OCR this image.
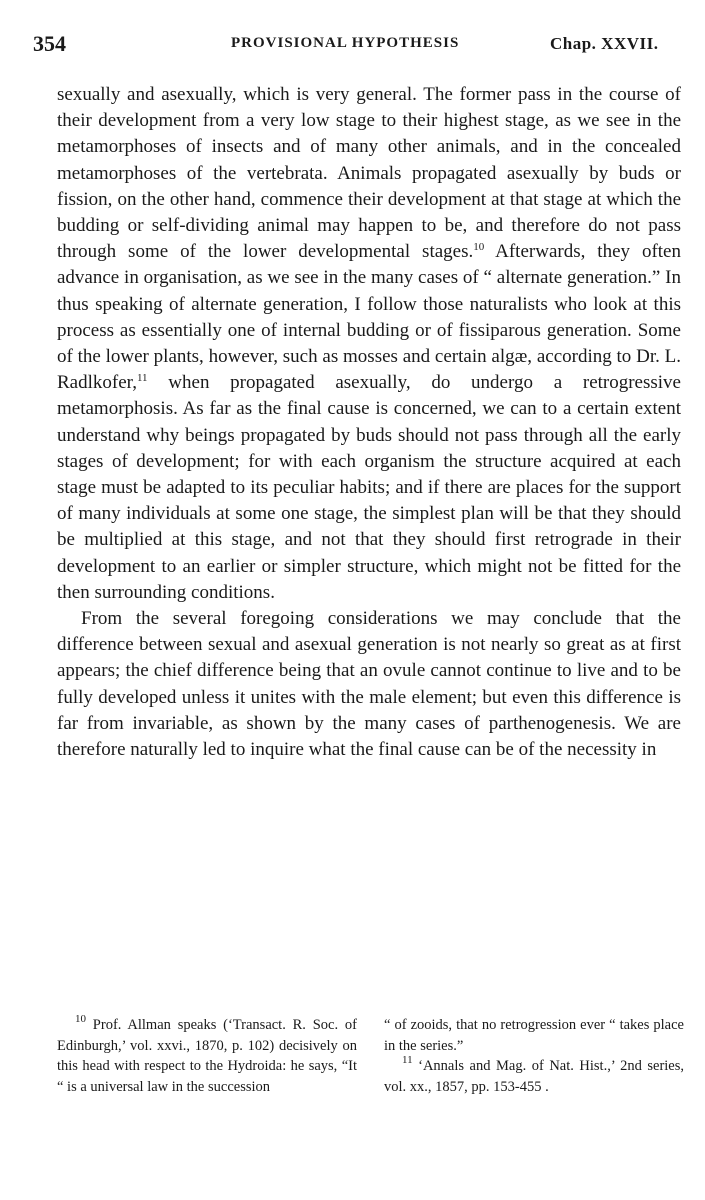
354	PROVISIONAL HYPOTHESIS	Chap. XXVII.

sexually and asexually, which is very general. The former pass in the course of their development from a very low stage to their highest stage, as we see in the metamorphoses of insects and of many other animals, and in the concealed metamorphoses of the vertebrata. Animals propagated asexually by buds or fission, on the other hand, commence their development at that stage at which the budding or self-dividing animal may happen to be, and therefore do not pass through some of the lower developmental stages.$^{10}$ Afterwards, they often advance in organisation, as we see in the many cases of “ alternate generation.” In thus speaking of alternate generation, I follow those naturalists who look at this process as essentially one of internal budding or of fissiparous generation. Some of the lower plants, however, such as mosses and certain algæ, according to Dr. L. Radlkofer,$^{11}$ when propagated asexually, do undergo a retrogressive metamorphosis. As far as the final cause is concerned, we can to a certain extent understand why beings propagated by buds should not pass through all the early stages of development; for with each organism the structure acquired at each stage must be adapted to its peculiar habits; and if there are places for the support of many individuals at some one stage, the simplest plan will be that they should be multiplied at this stage, and not that they should first retrograde in their development to an earlier or simpler structure, which might not be fitted for the then surrounding conditions.

From the several foregoing considerations we may conclude that the difference between sexual and asexual generation is not nearly so great as at first appears; the chief difference being that an ovule cannot continue to live and to be fully developed unless it unites with the male element; but even this difference is far from invariable, as shown by the many cases of parthenogenesis. We are therefore naturally led to inquire what the final cause can be of the necessity in

$^{10}$ Prof. Allman speaks (‘Transact. R. Soc. of Edinburgh,’ vol. xxvi., 1870, p. 102) decisively on this head with respect to the Hydroida: he says, “It “ is a universal law in the succession

“ of zooids, that no retrogression ever “ takes place in the series.”

$^{11}$ ‘Annals and Mag. of Nat. Hist.,’ 2nd series, vol. xx., 1857, pp. 153-455 .
